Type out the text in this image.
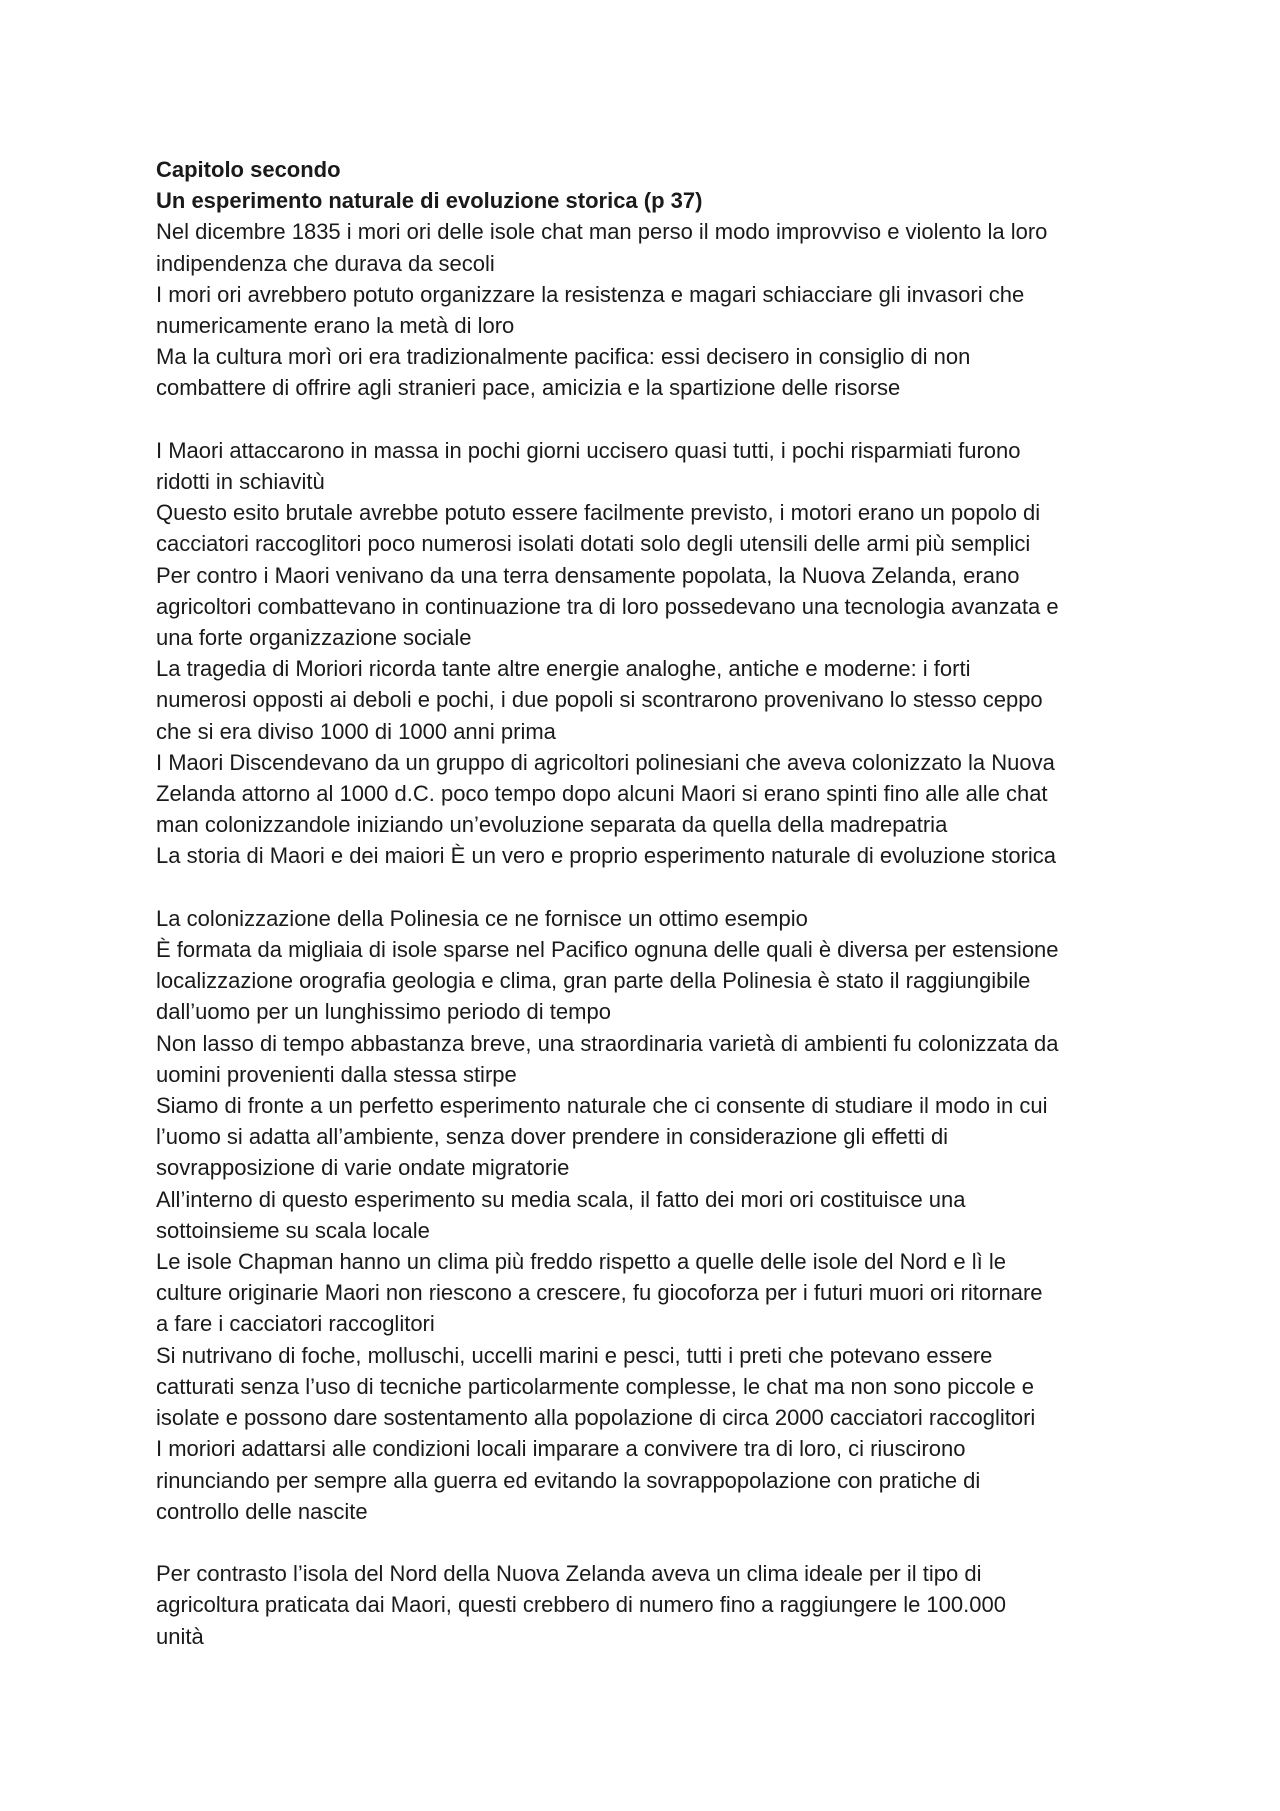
Capitolo secondo
Un esperimento naturale di evoluzione storica (p 37)
Nel dicembre 1835 i mori ori delle isole chat man perso il modo improvviso e violento la loro
indipendenza che durava da secoli
I mori ori avrebbero potuto organizzare la resistenza e magari schiacciare gli invasori che
numericamente erano la metà di loro
Ma la cultura morì ori era tradizionalmente pacifica: essi decisero in consiglio di non
combattere di offrire agli stranieri pace, amicizia e la spartizione delle risorse
I Maori attaccarono in massa in pochi giorni uccisero quasi tutti, i pochi risparmiati furono
ridotti in schiavitù
Questo esito brutale avrebbe potuto essere facilmente previsto, i motori erano un popolo di
cacciatori raccoglitori poco numerosi isolati dotati solo degli utensili delle armi più semplici
Per contro i Maori venivano da una terra densamente popolata, la Nuova Zelanda, erano
agricoltori combattevano in continuazione tra di loro possedevano una tecnologia avanzata e
una forte organizzazione sociale
La tragedia di Moriori ricorda tante altre energie analoghe, antiche e moderne: i forti
numerosi opposti ai deboli e pochi, i due popoli si scontrarono provenivano lo stesso ceppo
che si era diviso 1000 di 1000 anni prima
I Maori Discendevano da un gruppo di agricoltori polinesiani che aveva colonizzato la Nuova
Zelanda attorno al 1000 d.C. poco tempo dopo alcuni Maori si erano spinti fino alle alle chat
man colonizzandole iniziando un’evoluzione separata da quella della madrepatria
La storia di Maori e dei maiori È un vero e proprio esperimento naturale di evoluzione storica
La colonizzazione della Polinesia ce ne fornisce un ottimo esempio
È formata da migliaia di isole sparse nel Pacifico ognuna delle quali è diversa per estensione
localizzazione orografia geologia e clima, gran parte della Polinesia è stato il raggiungibile
dall’uomo per un lunghissimo periodo di tempo
Non lasso di tempo abbastanza breve, una straordinaria varietà di ambienti fu colonizzata da
uomini provenienti dalla stessa stirpe
Siamo di fronte a un perfetto esperimento naturale che ci consente di studiare il modo in cui
l’uomo si adatta all’ambiente, senza dover prendere in considerazione gli effetti di
sovrapposizione di varie ondate migratorie
All’interno di questo esperimento su media scala, il fatto dei mori ori costituisce una
sottoinsieme su scala locale
Le isole Chapman hanno un clima più freddo rispetto a quelle delle isole del Nord e lì le
culture originarie Maori non riescono a crescere, fu giocoforza per i futuri muori ori ritornare
a fare i cacciatori raccoglitori
Si nutrivano di foche, molluschi, uccelli marini e pesci, tutti i preti che potevano essere
catturati senza l’uso di tecniche particolarmente complesse, le chat ma non sono piccole e
isolate e possono dare sostentamento alla popolazione di circa 2000 cacciatori raccoglitori
I moriori adattarsi alle condizioni locali imparare a convivere tra di loro, ci riuscirono
rinunciando per sempre alla guerra ed evitando la sovrappopolazione con pratiche di
controllo delle nascite
Per contrasto l’isola del Nord della Nuova Zelanda aveva un clima ideale per il tipo di
agricoltura praticata dai Maori, questi crebbero di numero fino a raggiungere le 100.000
unità
